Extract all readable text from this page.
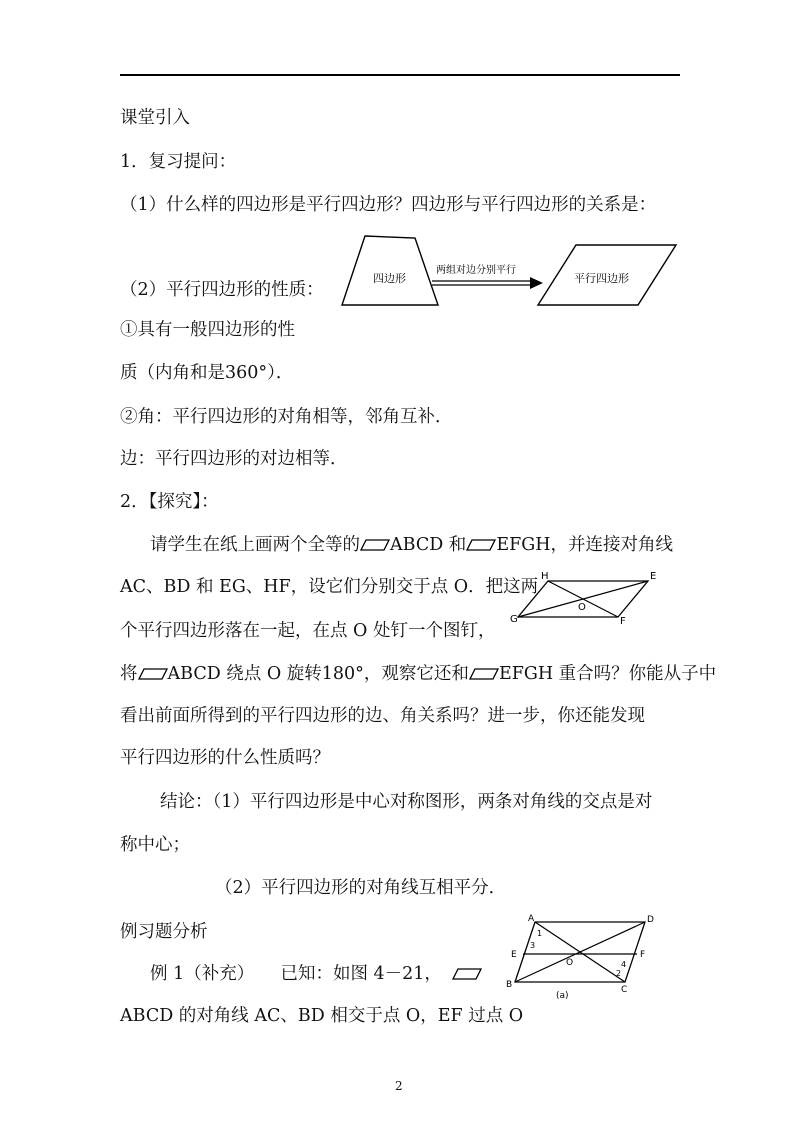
课堂引入
1．复习提问：
（1）什么样的四边形是平行四边形？四边形与平行四边形的关系是：
（2）平行四边形的性质：
①具有一般四边形的性
质（内角和是360°）．
②角：平行四边形的对角相等，邻角互补．
边：平行四边形的对边相等．
2．【探究】：
请学生在纸上画两个全等的 ABCD 和 EFGH，并连接对角线
AC、BD 和 EG、HF，设它们分别交于点 O．把这两
个平行四边形落在一起，在点 O 处钉一个图钉，
将 ABCD 绕点 O 旋转180°，观察它还和 EFGH 重合吗？你能从子中
看出前面所得到的平行四边形的边、角关系吗？进一步，你还能发现
平行四边形的什么性质吗？
结论：（1）平行四边形是中心对称图形，两条对角线的交点是对
称中心；
（2）平行四边形的对角线互相平分．
例习题分析
例 1（补充）　　已知：如图 4－21，
ABCD 的对角线 AC、BD 相交于点 O，EF 过点 O
四边形
两组对边分别平行
平行四边形
H	E
G	F
O
A	D
E
O
F
B	C
1
2
3
4
(a)
2
